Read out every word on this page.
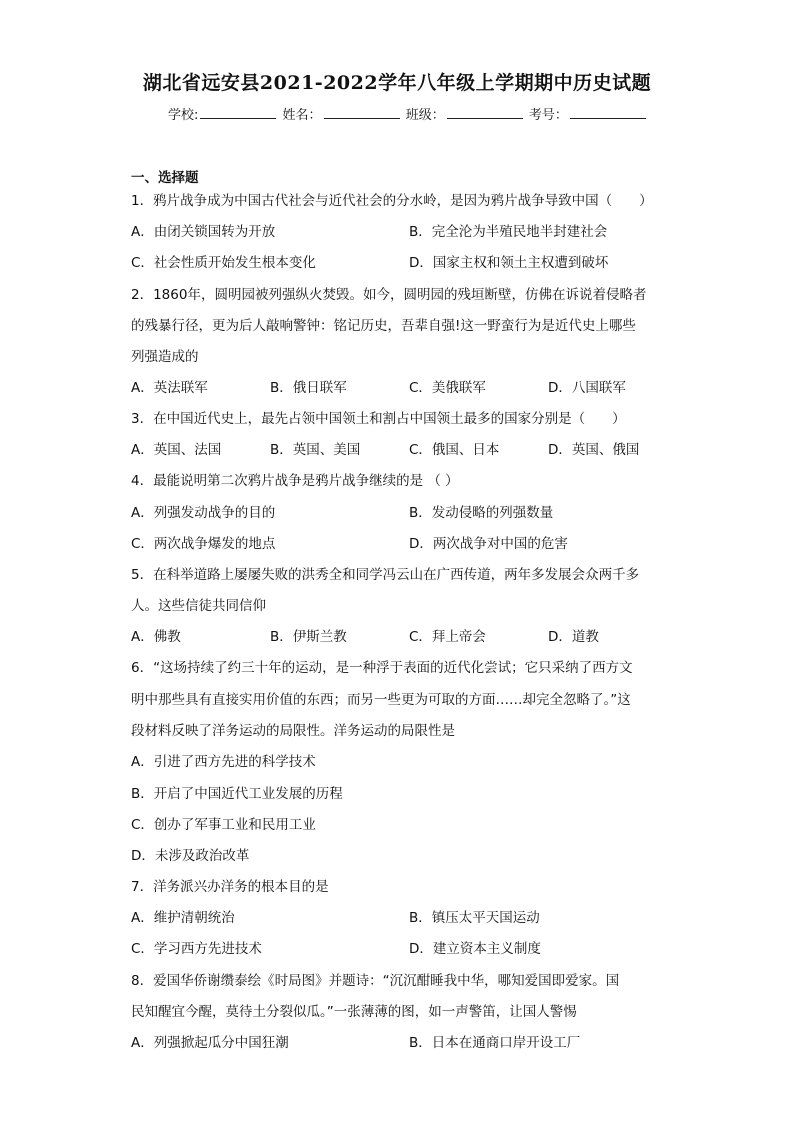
湖北省远安县2021-2022学年八年级上学期期中历史试题
学校:	姓名：	班级：	考号：
一、选择题
1．鸦片战争成为中国古代社会与近代社会的分水岭，是因为鸦片战争导致中国（　　）
A．由闭关锁国转为开放	B．完全沦为半殖民地半封建社会
C．社会性质开始发生根本变化	D．国家主权和领土主权遭到破坏
2．1860年，圆明园被列强纵火焚毁。如今，圆明园的残垣断壁，仿佛在诉说着侵略者
的残暴行径，更为后人敲响警钟：铭记历史，吾辈自强!这一野蛮行为是近代史上哪些
列强造成的
A．英法联军	B．俄日联军	C．美俄联军	D．八国联军
3．在中国近代史上，最先占领中国领土和割占中国领土最多的国家分别是（　　）
A．英国、法国	B．英国、美国	C．俄国、日本	D．英国、俄国
4．最能说明第二次鸦片战争是鸦片战争继续的是 （ ）
A．列强发动战争的目的	B．发动侵略的列强数量
C．两次战争爆发的地点	D．两次战争对中国的危害
5．在科举道路上屡屡失败的洪秀全和同学冯云山在广西传道，两年多发展会众两千多
人。这些信徒共同信仰
A．佛教	B．伊斯兰教	C．拜上帝会	D．道教
6．“这场持续了约三十年的运动，是一种浮于表面的近代化尝试；它只采纳了西方文
明中那些具有直接实用价值的东西；而另一些更为可取的方面……却完全忽略了。”这
段材料反映了洋务运动的局限性。洋务运动的局限性是
A．引进了西方先进的科学技术
B．开启了中国近代工业发展的历程
C．创办了军事工业和民用工业
D．未涉及政治改革
7．洋务派兴办洋务的根本目的是
A．维护清朝统治	B．镇压太平天国运动
C．学习西方先进技术	D．建立资本主义制度
8．爱国华侨谢缵泰绘《时局图》并题诗：“沉沉酣睡我中华，哪知爱国即爱家。国
民知醒宜今醒，莫待土分裂似瓜。”一张薄薄的图，如一声警笛，让国人警惕
A．列强掀起瓜分中国狂潮	B．日本在通商口岸开设工厂
